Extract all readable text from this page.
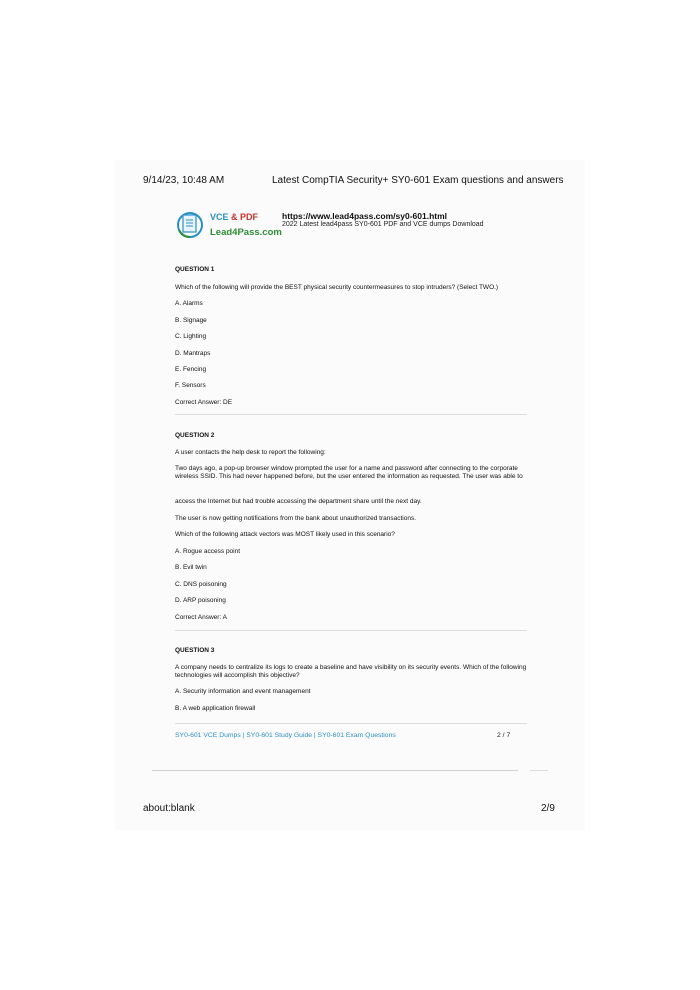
9/14/23, 10:48 AM	Latest CompTIA Security+ SY0-601 Exam questions and answers
VCE & PDF
Lead4Pass.com
https://www.lead4pass.com/sy0-601.html
2022 Latest lead4pass SY0-601 PDF and VCE dumps Download

QUESTION 1

Which of the following will provide the BEST physical security countermeasures to stop intruders? (Select TWO.)

A. Alarms

B. Signage

C. Lighting

D. Mantraps

E. Fencing

F. Sensors

Correct Answer: DE

QUESTION 2

A user contacts the help desk to report the following:

Two days ago, a pop-up browser window prompted the user for a name and password after connecting to the corporate wireless SSID. This had never happened before, but the user entered the information as requested. The user was able to

access the Internet but had trouble accessing the department share until the next day.

The user is now getting notifications from the bank about unauthorized transactions.

Which of the following attack vectors was MOST likely used in this scenario?

A. Rogue access point

B. Evil twin

C. DNS poisoning

D. ARP poisoning

Correct Answer: A

QUESTION 3

A company needs to centralize its logs to create a baseline and have visibility on its security events. Which of the following technologies will accomplish this objective?

A. Security information and event management

B. A web application firewall

SY0-601 VCE Dumps | SY0-601 Study Guide | SY0-601 Exam Questions	2 / 7
about:blank	2/9
